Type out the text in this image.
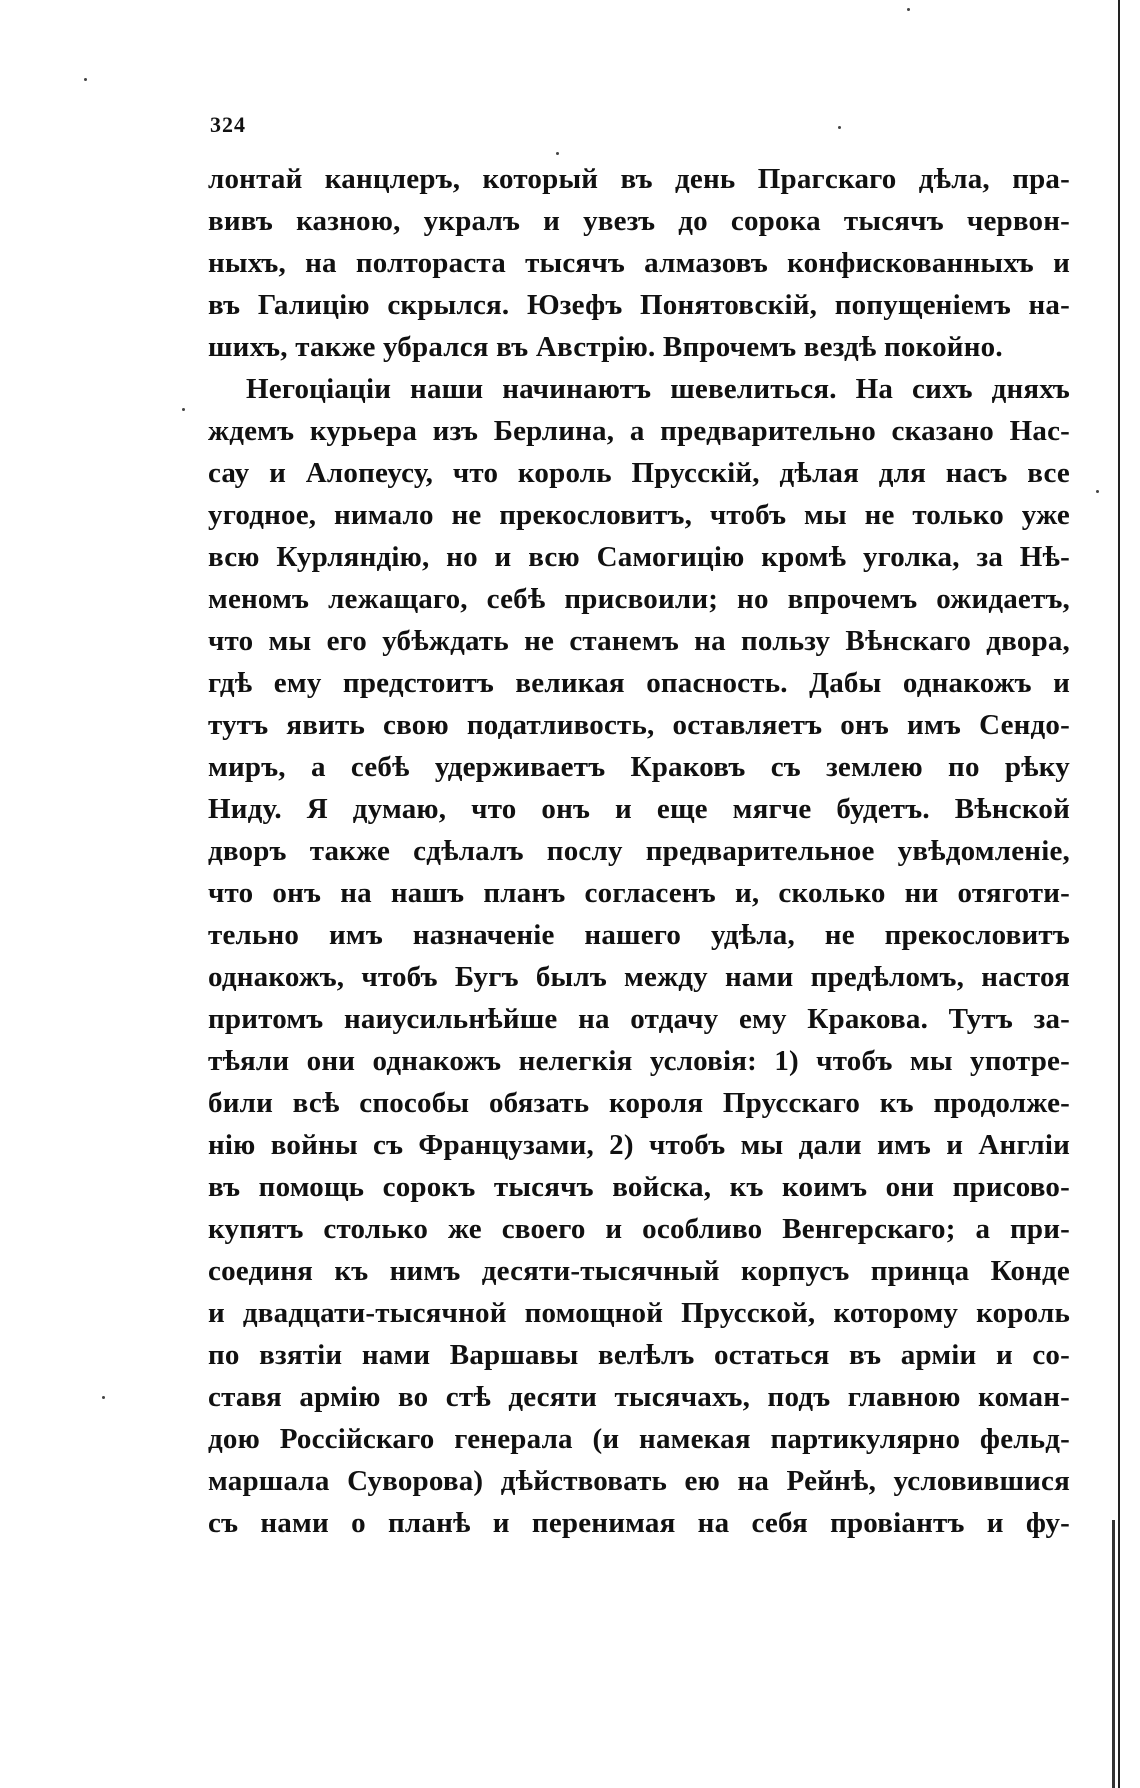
324
лонтай канцлеръ, который въ день Прагскаго дѣла, пра-
вивъ казною, укралъ и увезъ до сорока тысячъ червон-
ныхъ, на полтораста тысячъ алмазовъ конфискованныхъ и
въ Галицію скрылся. Юзефъ Понятовскій, попущеніемъ на-
шихъ, также убрался въ Австрію. Впрочемъ вездѣ покойно.
Негоціаціи наши начинаютъ шевелиться. На сихъ дняхъ
ждемъ курьера изъ Берлина, а предварительно сказано Нас-
сау и Алопеусу, что король Прусскій, дѣлая для насъ все
угодное, нимало не прекословитъ, чтобъ мы не только уже
всю Курляндію, но и всю Самогицію кромѣ уголка, за Нѣ-
меномъ лежащаго, себѣ присвоили; но впрочемъ ожидаетъ,
что мы его убѣждать не станемъ на пользу Вѣнскаго двора,
гдѣ ему предстоитъ великая опасность. Дабы однакожъ и
тутъ явить свою податливость, оставляетъ онъ имъ Сендо-
миръ, а себѣ удерживаетъ Краковъ съ землею по рѣку
Ниду. Я думаю, что онъ и еще мягче будетъ. Вѣнской
дворъ также сдѣлалъ послу предварительное увѣдомленіе,
что онъ на нашъ планъ согласенъ и, сколько ни отяготи-
тельно имъ назначеніе нашего удѣла, не прекословитъ
однакожъ, чтобъ Бугъ былъ между нами предѣломъ, настоя
притомъ наиусильнѣйше на отдачу ему Кракова. Тутъ за-
тѣяли они однакожъ нелегкія условія: 1) чтобъ мы употре-
били всѣ способы обязать короля Прусскаго къ продолже-
нію войны съ Французами, 2) чтобъ мы дали имъ и Англіи
въ помощь сорокъ тысячъ войска, къ коимъ они присово-
купятъ столько же своего и особливо Венгерскаго; а при-
соединя къ нимъ десяти-тысячный корпусъ принца Конде
и двадцати-тысячной помощной Прусской, которому король
по взятіи нами Варшавы велѣлъ остаться въ арміи и со-
ставя армію во стѣ десяти тысячахъ, подъ главною коман-
дою Россійскаго генерала (и намекая партикулярно фельд-
маршала Суворова) дѣйствовать ею на Рейнѣ, условившися
съ нами о планѣ и перенимая на себя провіантъ и фу-
